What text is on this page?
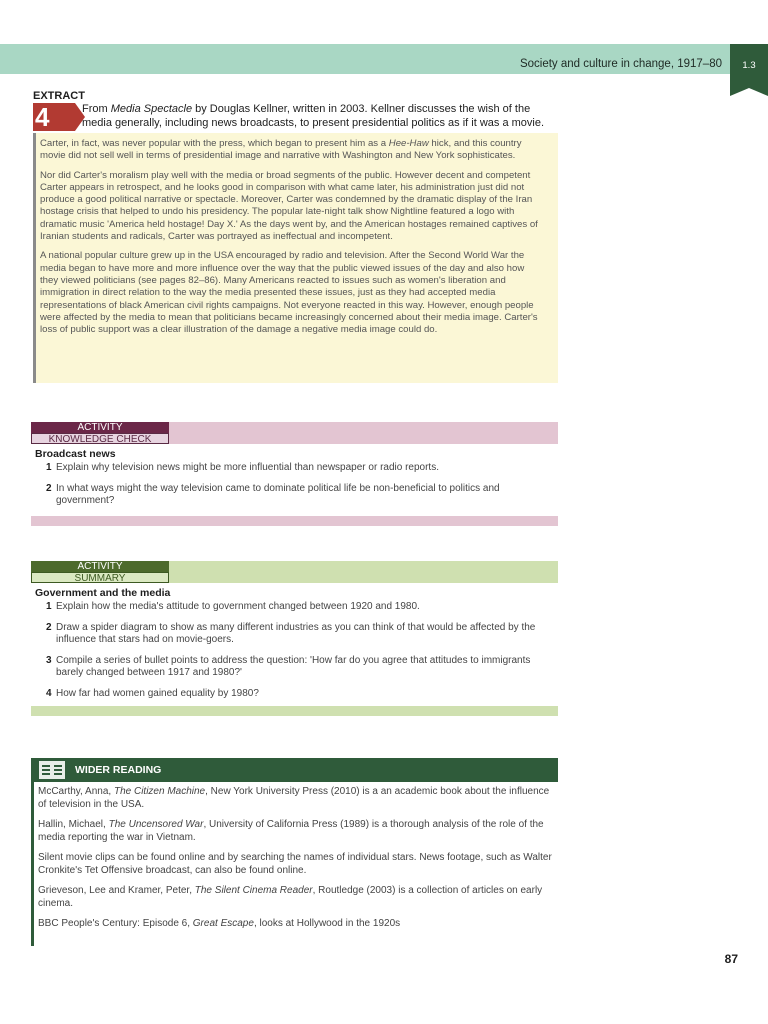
Society and culture in change, 1917–80	1.3
EXTRACT
4	From Media Spectacle by Douglas Kellner, written in 2003. Kellner discusses the wish of the media generally, including news broadcasts, to present presidential politics as if it was a movie.

Carter, in fact, was never popular with the press, which began to present him as a Hee-Haw hick, and this country movie did not sell well in terms of presidential image and narrative with Washington and New York sophisticates.

Nor did Carter's moralism play well with the media or broad segments of the public. However decent and competent Carter appears in retrospect, and he looks good in comparison with what came later, his administration just did not produce a good political narrative or spectacle. Moreover, Carter was condemned by the dramatic display of the Iran hostage crisis that helped to undo his presidency. The popular late-night talk show Nightline featured a logo with dramatic music 'America held hostage! Day X.' As the days went by, and the American hostages remained captives of Iranian students and radicals, Carter was portrayed as ineffectual and incompetent.

A national popular culture grew up in the USA encouraged by radio and television. After the Second World War the media began to have more and more influence over the way that the public viewed issues of the day and also how they viewed politicians (see pages 82–86). Many Americans reacted to issues such as women's liberation and immigration in direct relation to the way the media presented these issues, just as they had accepted media representations of black American civil rights campaigns. Not everyone reacted in this way. However, enough people were affected by the media to mean that politicians became increasingly concerned about their media image. Carter's loss of public support was a clear illustration of the damage a negative media image could do.

ACTIVITY
KNOWLEDGE CHECK
Broadcast news
1 Explain why television news might be more influential than newspaper or radio reports.
2 In what ways might the way television came to dominate political life be non-beneficial to politics and government?
ACTIVITY
SUMMARY
Government and the media
1 Explain how the media's attitude to government changed between 1920 and 1980.
2 Draw a spider diagram to show as many different industries as you can think of that would be affected by the influence that stars had on movie-goers.
3 Compile a series of bullet points to address the question: 'How far do you agree that attitudes to immigrants barely changed between 1917 and 1980?'
4 How far had women gained equality by 1980?
WIDER READING
McCarthy, Anna, The Citizen Machine, New York University Press (2010) is a an academic book about the influence of television in the USA.
Hallin, Michael, The Uncensored War, University of California Press (1989) is a thorough analysis of the role of the media reporting the war in Vietnam.
Silent movie clips can be found online and by searching the names of individual stars. News footage, such as Walter Cronkite's Tet Offensive broadcast, can also be found online.
Grieveson, Lee and Kramer, Peter, The Silent Cinema Reader, Routledge (2003) is a collection of articles on early cinema.
BBC People's Century: Episode 6, Great Escape, looks at Hollywood in the 1920s
87
